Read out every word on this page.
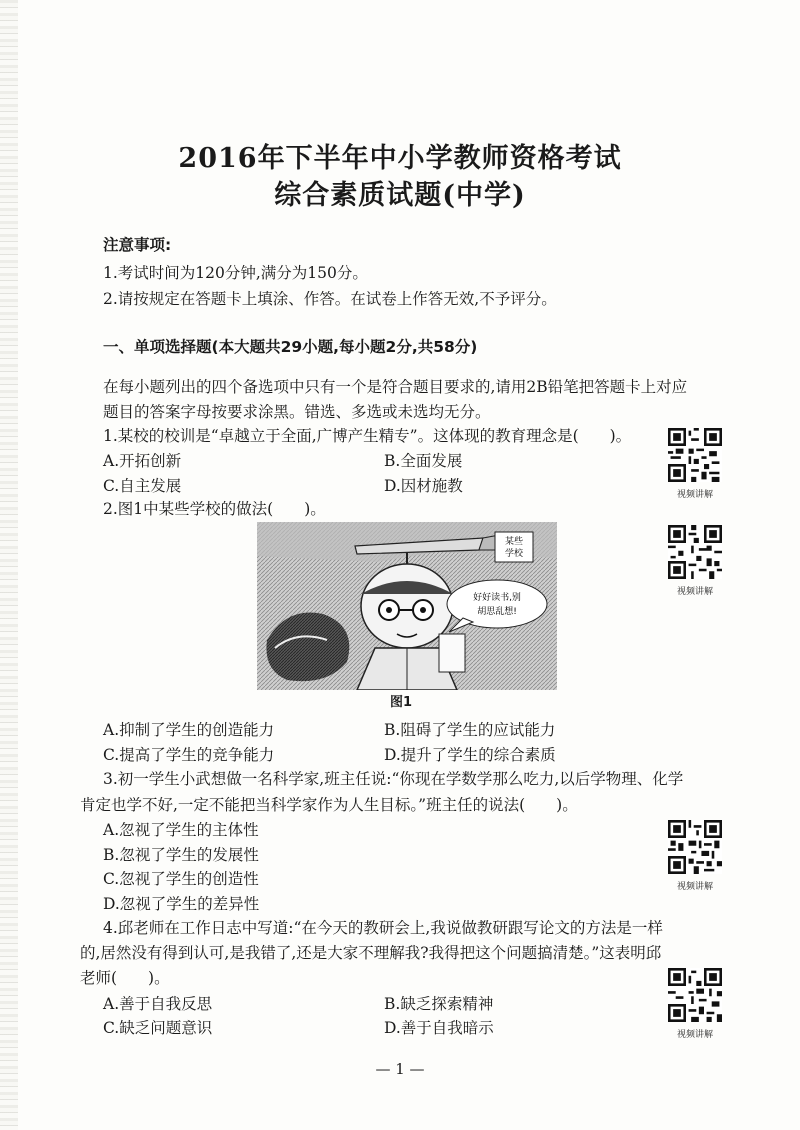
2016年下半年中小学教师资格考试
综合素质试题(中学)
注意事项:
1.考试时间为120分钟,满分为150分。
2.请按规定在答题卡上填涂、作答。在试卷上作答无效,不予评分。
一、单项选择题(本大题共29小题,每小题2分,共58分)
在每小题列出的四个备选项中只有一个是符合题目要求的,请用2B铅笔把答题卡上对应
题目的答案字母按要求涂黑。错选、多选或未选均无分。
1.某校的校训是“卓越立于全面,广博产生精专”。这体现的教育理念是(　　)。
A.开拓创新	B.全面发展
C.自主发展	D.因材施教
2.图1中某些学校的做法(　　)。
某些
学校
好好读书,别
胡思乱想!
图1
A.抑制了学生的创造能力	B.阻碍了学生的应试能力
C.提高了学生的竞争能力	D.提升了学生的综合素质
3.初一学生小武想做一名科学家,班主任说:“你现在学数学那么吃力,以后学物理、化学
肯定也学不好,一定不能把当科学家作为人生目标。”班主任的说法(　　)。
A.忽视了学生的主体性
B.忽视了学生的发展性
C.忽视了学生的创造性
D.忽视了学生的差异性
4.邱老师在工作日志中写道:“在今天的教研会上,我说做教研跟写论文的方法是一样
的,居然没有得到认可,是我错了,还是大家不理解我?我得把这个问题搞清楚。”这表明邱
老师(　　)。
A.善于自我反思	B.缺乏探索精神
C.缺乏问题意识	D.善于自我暗示
视频讲解
视频讲解
视频讲解
视频讲解
— 1 —
